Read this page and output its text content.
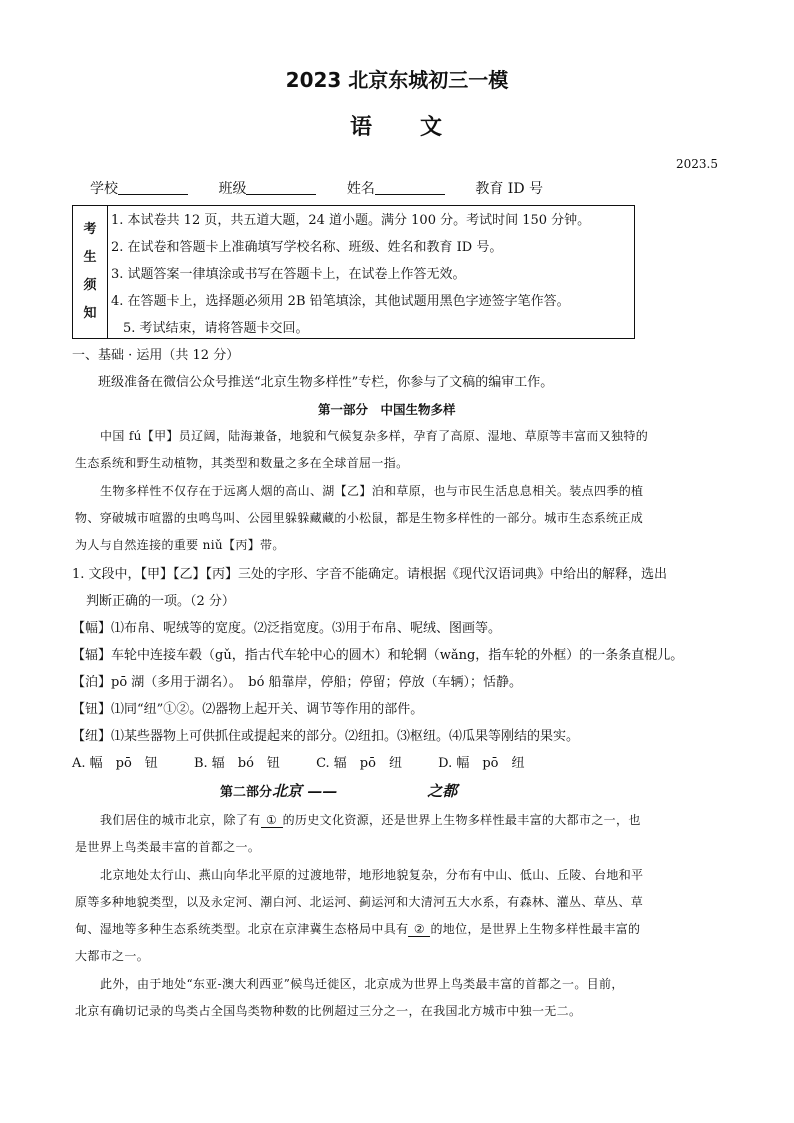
2023 北京东城初三一模
语 文
2023.5
学校	班级	姓名	教育 ID 号
考
生
须
知
1. 本试卷共 12 页，共五道大题，24 道小题。满分 100 分。考试时间 150 分钟。
2. 在试卷和答题卡上准确填写学校名称、班级、姓名和教育 ID 号。
3. 试题答案一律填涂或书写在答题卡上，在试卷上作答无效。
4. 在答题卡上，选择题必须用 2B 铅笔填涂，其他试题用黑色字迹签字笔作答。
5. 考试结束，请将答题卡交回。
一、基础 · 运用（共 12 分）
班级准备在微信公众号推送“北京生物多样性”专栏，你参与了文稿的编审工作。
第一部分　中国生物多样
中国 fú【甲】员辽阔，陆海兼备，地貌和气候复杂多样，孕育了高原、湿地、草原等丰富而又独特的
生态系统和野生动植物，其类型和数量之多在全球首屈一指。
生物多样性不仅存在于远离人烟的高山、湖【乙】泊和草原，也与市民生活息息相关。装点四季的植
物、穿破城市喧嚣的虫鸣鸟叫、公园里躲躲藏藏的小松鼠，都是生物多样性的一部分。城市生态系统正成
为人与自然连接的重要 niǔ【丙】带。
1. 文段中，【甲】【乙】【丙】三处的字形、字音不能确定。请根据《现代汉语词典》中给出的解释，选出
判断正确的一项。（2 分）
【幅】⑴布帛、呢绒等的宽度。⑵泛指宽度。⑶用于布帛、呢绒、图画等。
【辐】车轮中连接车毂（gǔ，指古代车轮中心的圆木）和轮辋（wǎng，指车轮的外框）的一条条直棍儿。
【泊】pō 湖（多用于湖名）。　bó 船靠岸，停船；停留；停放（车辆）；恬静。
【钮】⑴同“纽”①②。⑵器物上起开关、调节等作用的部件。
【纽】⑴某些器物上可供抓住或提起来的部分。⑵纽扣。⑶枢纽。⑷瓜果等刚结的果实。
A. 幅　pō　钮	B. 辐　bó　钮	C. 辐　pō　纽	D. 幅　pō　纽
第二部分北京 ——	之都
我们居住的城市北京，除了有 ① 的历史文化资源，还是世界上生物多样性最丰富的大都市之一，也
是世界上鸟类最丰富的首都之一。
北京地处太行山、燕山向华北平原的过渡地带，地形地貌复杂，分布有中山、低山、丘陵、台地和平
原等多种地貌类型，以及永定河、潮白河、北运河、蓟运河和大清河五大水系，有森林、灌丛、草丛、草
甸、湿地等多种生态系统类型。北京在京津冀生态格局中具有 ② 的地位，是世界上生物多样性最丰富的
大都市之一。
此外，由于地处“东亚-澳大利西亚”候鸟迁徙区，北京成为世界上鸟类最丰富的首都之一。目前，
北京有确切记录的鸟类占全国鸟类物种数的比例超过三分之一，在我国北方城市中独一无二。
